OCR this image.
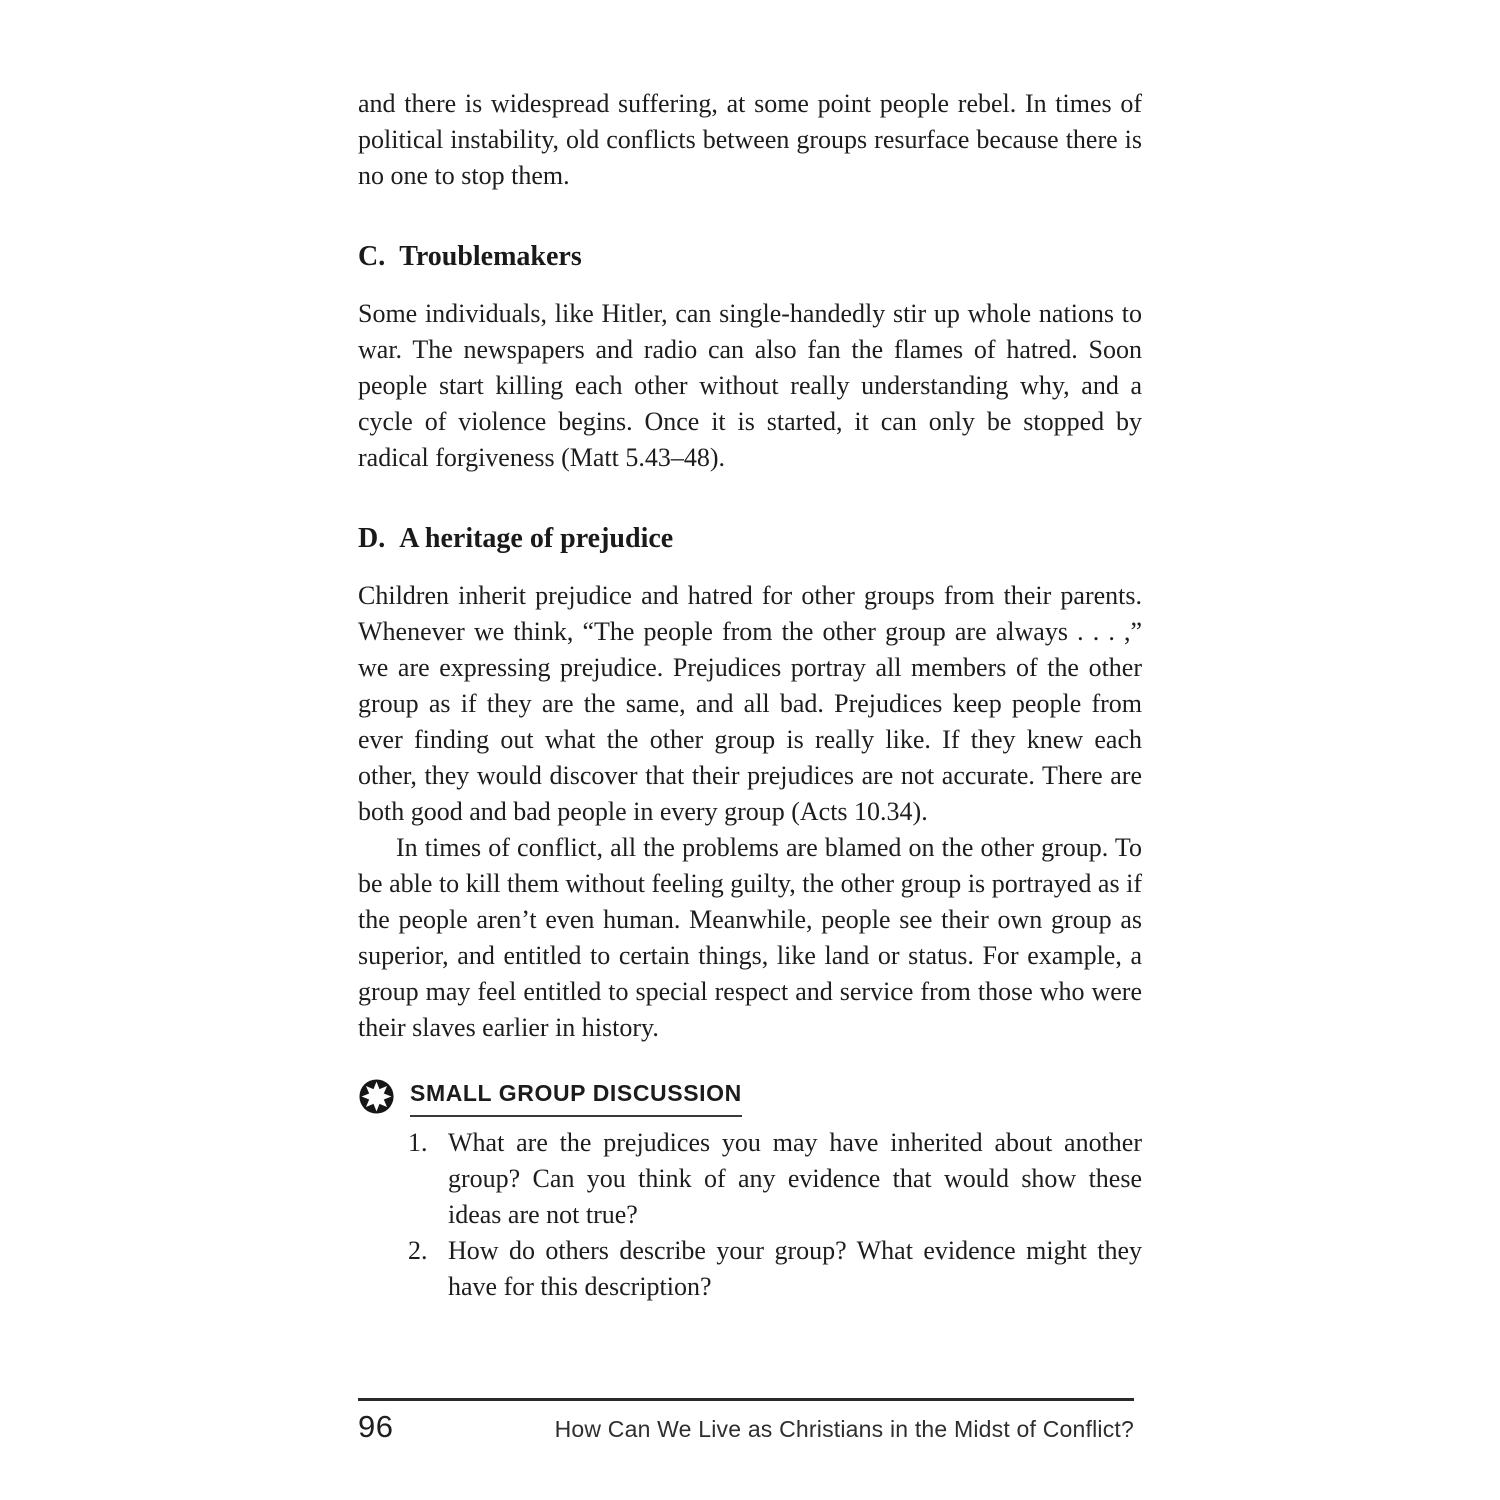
and there is widespread suffering, at some point people rebel. In times of political instability, old conflicts between groups resurface because there is no one to stop them.

C. Troublemakers

Some individuals, like Hitler, can single-handedly stir up whole nations to war. The newspapers and radio can also fan the flames of hatred. Soon people start killing each other without really understanding why, and a cycle of violence begins. Once it is started, it can only be stopped by radical forgiveness (Matt 5.43–48).

D. A heritage of prejudice

Children inherit prejudice and hatred for other groups from their parents. Whenever we think, “The people from the other group are always . . . ,” we are expressing prejudice. Prejudices portray all members of the other group as if they are the same, and all bad. Prejudices keep people from ever finding out what the other group is really like. If they knew each other, they would discover that their prejudices are not accurate. There are both good and bad people in every group (Acts 10.34).

In times of conflict, all the problems are blamed on the other group. To be able to kill them without feeling guilty, the other group is portrayed as if the people aren’t even human. Meanwhile, people see their own group as superior, and entitled to certain things, like land or status. For example, a group may feel entitled to special respect and service from those who were their slaves earlier in history.

SMALL GROUP DISCUSSION
1. What are the prejudices you may have inherited about another group? Can you think of any evidence that would show these ideas are not true?
2. How do others describe your group? What evidence might they have for this description?
96	How Can We Live as Christians in the Midst of Conflict?
